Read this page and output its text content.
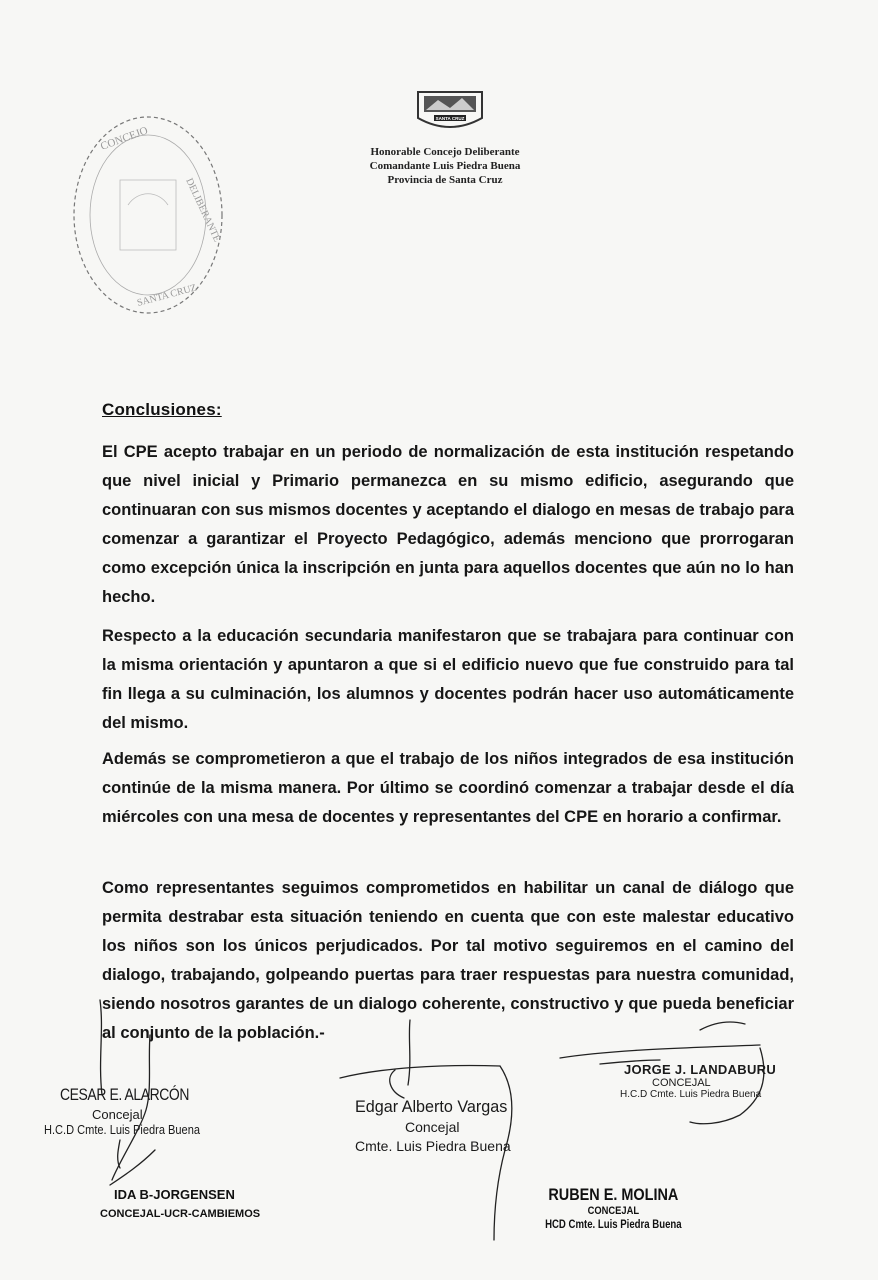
CONCEJO
DELIBERANTE
SANTA CRUZ
SANTA CRUZ
Honorable Concejo Deliberante
Comandante Luis Piedra Buena
Provincia de Santa Cruz
Conclusiones:
El CPE acepto trabajar en un periodo de normalización de esta institución respetando que nivel inicial y Primario permanezca en su mismo edificio, asegurando que continuaran con sus mismos docentes y aceptando el dialogo en mesas de trabajo para comenzar a garantizar el Proyecto Pedagógico, además menciono que prorrogaran como excepción única la inscripción en junta para aquellos docentes que aún no lo han hecho.
Respecto a la educación secundaria manifestaron que se trabajara para continuar con la misma orientación y apuntaron a que si el edificio nuevo que fue construido para tal fin llega a su culminación, los alumnos y docentes podrán hacer uso automáticamente del mismo.
Además se comprometieron a que el trabajo de los niños integrados de esa institución continúe de la misma manera. Por último se coordinó comenzar a trabajar desde el día miércoles con una mesa de docentes y representantes del CPE en horario a confirmar.
Como representantes seguimos comprometidos en habilitar un canal de diálogo que permita destrabar esta situación teniendo en cuenta que con este malestar educativo los niños son los únicos perjudicados. Por tal motivo seguiremos en el camino del dialogo, trabajando, golpeando puertas para traer respuestas para nuestra comunidad, siendo nosotros garantes de un dialogo coherente, constructivo y que pueda beneficiar al conjunto de la población.-
CESAR E. ALARCÓN
Concejal
H.C.D Cmte. Luis Piedra Buena
Edgar Alberto Vargas
Concejal
Cmte. Luis Piedra Buena
JORGE J. LANDABURU
CONCEJAL
H.C.D Cmte. Luis Piedra Buena
IDA B-JORGENSEN
CONCEJAL-UCR-CAMBIEMOS
RUBEN E. MOLINA
CONCEJAL
HCD Cmte. Luis Piedra Buena
